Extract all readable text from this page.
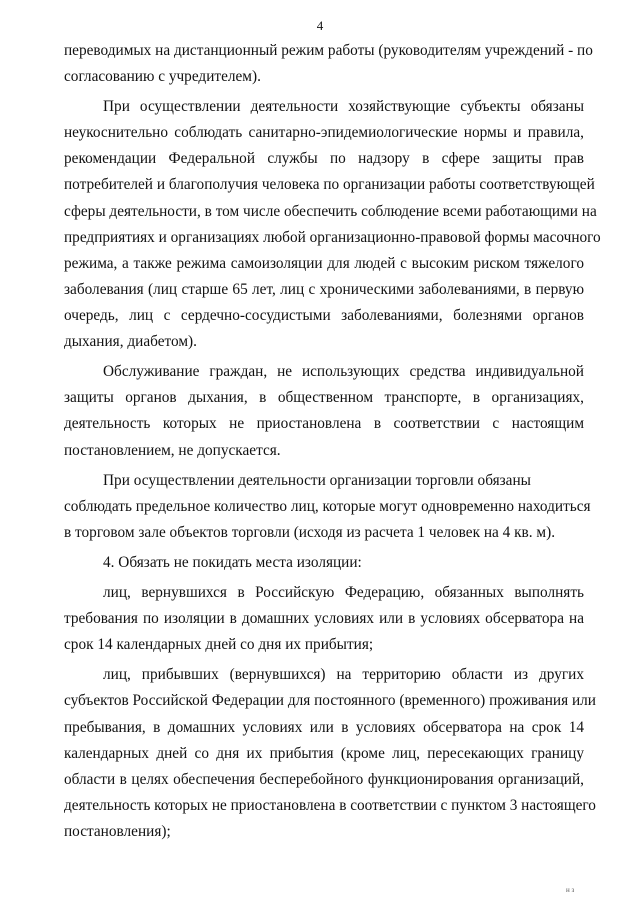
4
переводимых на дистанционный режим работы (руководителям учреждений - по
согласованию с учредителем).
При осуществлении деятельности хозяйствующие субъекты обязаны
неукоснительно соблюдать санитарно-эпидемиологические нормы и правила,
рекомендации Федеральной службы по надзору в сфере защиты прав
потребителей и благополучия человека по организации работы соответствующей
сферы деятельности, в том числе обеспечить соблюдение всеми работающими на
предприятиях и организациях любой организационно-правовой формы масочного
режима, а также режима самоизоляции для людей с высоким риском тяжелого
заболевания (лиц старше 65 лет, лиц с хроническими заболеваниями, в первую
очередь, лиц с сердечно-сосудистыми заболеваниями, болезнями органов
дыхания, диабетом).
Обслуживание граждан, не использующих средства индивидуальной
защиты органов дыхания, в общественном транспорте, в организациях,
деятельность которых не приостановлена в соответствии с настоящим
постановлением, не допускается.
При осуществлении деятельности организации торговли обязаны
соблюдать предельное количество лиц, которые могут одновременно находиться
в торговом зале объектов торговли (исходя из расчета 1 человек на 4 кв. м).
4. Обязать не покидать места изоляции:
лиц, вернувшихся в Российскую Федерацию, обязанных выполнять
требования по изоляции в домашних условиях или в условиях обсерватора на
срок 14 календарных дней со дня их прибытия;
лиц, прибывших (вернувшихся) на территорию области из других
субъектов Российской Федерации для постоянного (временного) проживания или
пребывания, в домашних условиях или в условиях обсерватора на срок 14
календарных дней со дня их прибытия (кроме лиц, пересекающих границу
области в целях обеспечения бесперебойного функционирования организаций,
деятельность которых не приостановлена в соответствии с пунктом 3 настоящего
постановления);
н з
